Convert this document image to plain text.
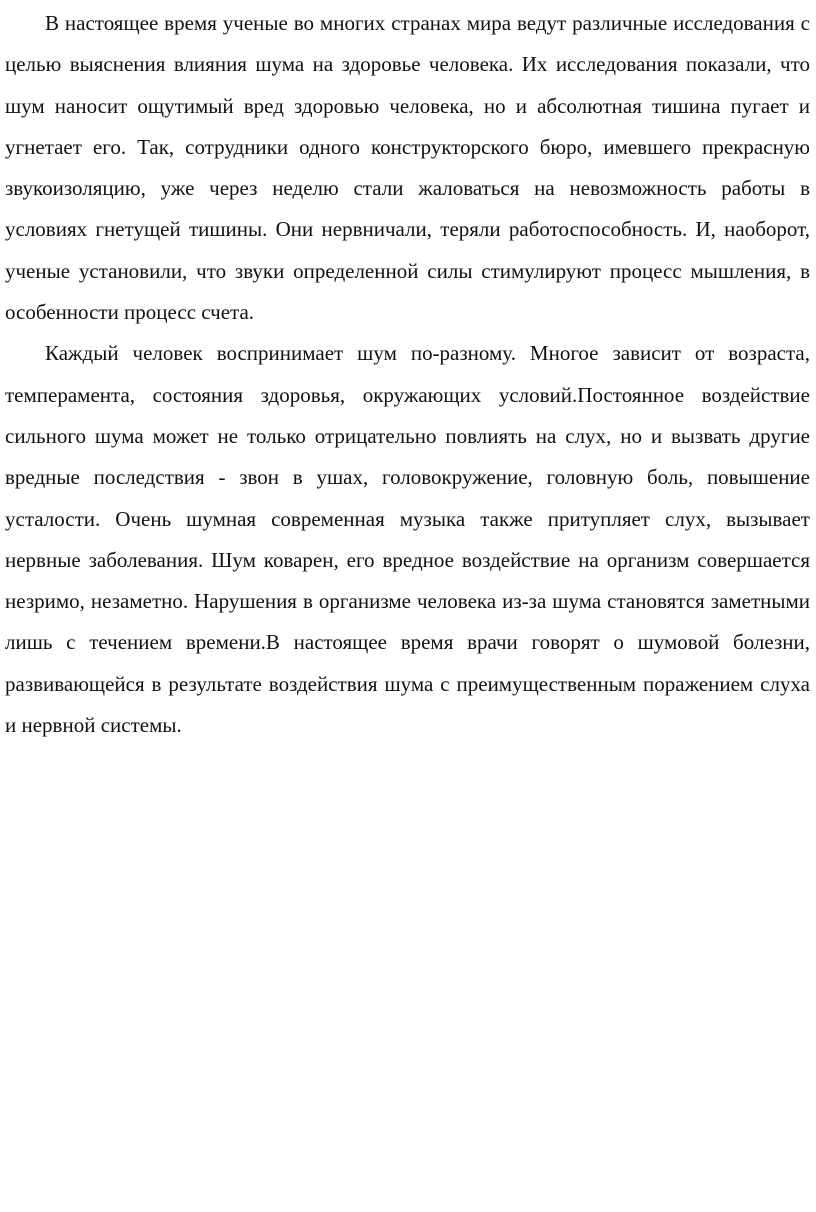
В настоящее время ученые во многих странах мира ведут различные исследования с целью выяснения влияния шума на здоровье человека. Их исследования показали, что шум наносит ощутимый вред здоровью человека, но и абсолютная тишина пугает и угнетает его. Так, сотрудники одного конструкторского бюро, имевшего прекрасную звукоизоляцию, уже через неделю стали жаловаться на невозможность работы в условиях гнетущей тишины. Они нервничали, теряли работоспособность. И, наоборот, ученые установили, что звуки определенной силы стимулируют процесс мышления, в особенности процесс счета.

Каждый человек воспринимает шум по-разному. Многое зависит от возраста, темперамента, состояния здоровья, окружающих условий.Постоянное воздействие сильного шума может не только отрицательно повлиять на слух, но и вызвать другие вредные последствия - звон в ушах, головокружение, головную боль, повышение усталости. Очень шумная современная музыка также притупляет слух, вызывает нервные заболевания. Шум коварен, его вредное воздействие на организм совершается незримо, незаметно. Нарушения в организме человека из-за шума становятся заметными лишь с течением времени.В настоящее время врачи говорят о шумовой болезни, развивающейся в результате воздействия шума с преимущественным поражением слуха и нервной системы.
